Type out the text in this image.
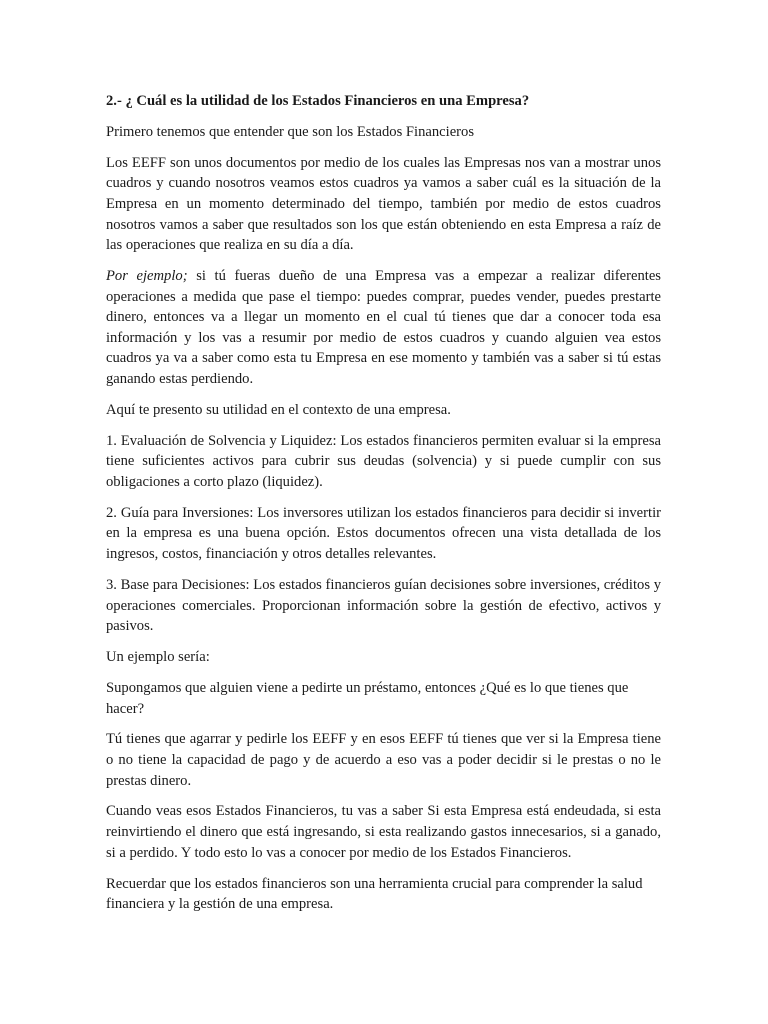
2.- ¿ Cuál es la utilidad de los Estados Financieros en una Empresa?

Primero tenemos que entender que son los Estados Financieros

Los EEFF son unos documentos por medio de los cuales las Empresas nos van a mostrar unos cuadros y cuando nosotros veamos estos cuadros ya vamos a saber cuál es la situación de la Empresa en un momento determinado del tiempo, también por medio de estos cuadros nosotros vamos a saber que resultados son los que están obteniendo en esta Empresa a raíz de las operaciones que realiza en su día a día.

Por ejemplo; si tú fueras dueño de una Empresa vas a empezar a realizar diferentes operaciones a medida que pase el tiempo: puedes comprar, puedes vender, puedes prestarte dinero, entonces va a llegar un momento en el cual tú tienes que dar a conocer toda esa información y los vas a resumir por medio de estos cuadros y cuando alguien vea estos cuadros ya va a saber como esta tu Empresa en ese momento y también vas a saber si tú estas ganando estas perdiendo.

Aquí te presento su utilidad en el contexto de una empresa.

1. Evaluación de Solvencia y Liquidez: Los estados financieros permiten evaluar si la empresa tiene suficientes activos para cubrir sus deudas (solvencia) y si puede cumplir con sus obligaciones a corto plazo (liquidez).

2. Guía para Inversiones: Los inversores utilizan los estados financieros para decidir si invertir en la empresa es una buena opción. Estos documentos ofrecen una vista detallada de los ingresos, costos, financiación y otros detalles relevantes.

3. Base para Decisiones: Los estados financieros guían decisiones sobre inversiones, créditos y operaciones comerciales. Proporcionan información sobre la gestión de efectivo, activos y pasivos.

Un ejemplo sería:

Supongamos que alguien viene a pedirte un préstamo, entonces ¿Qué es lo que tienes que hacer?

Tú tienes que agarrar y pedirle los EEFF y en esos EEFF tú tienes que ver si la Empresa tiene o no tiene la capacidad de pago y de acuerdo a eso vas a poder decidir si le prestas o no le prestas dinero.

Cuando veas esos Estados Financieros, tu vas a saber Si esta Empresa está endeudada, si esta reinvirtiendo el dinero que está ingresando, si esta realizando gastos innecesarios, si a ganado, si a perdido. Y todo esto lo vas a conocer por medio de los Estados Financieros.

Recuerdar que los estados financieros son una herramienta crucial para comprender la salud financiera y la gestión de una empresa.
